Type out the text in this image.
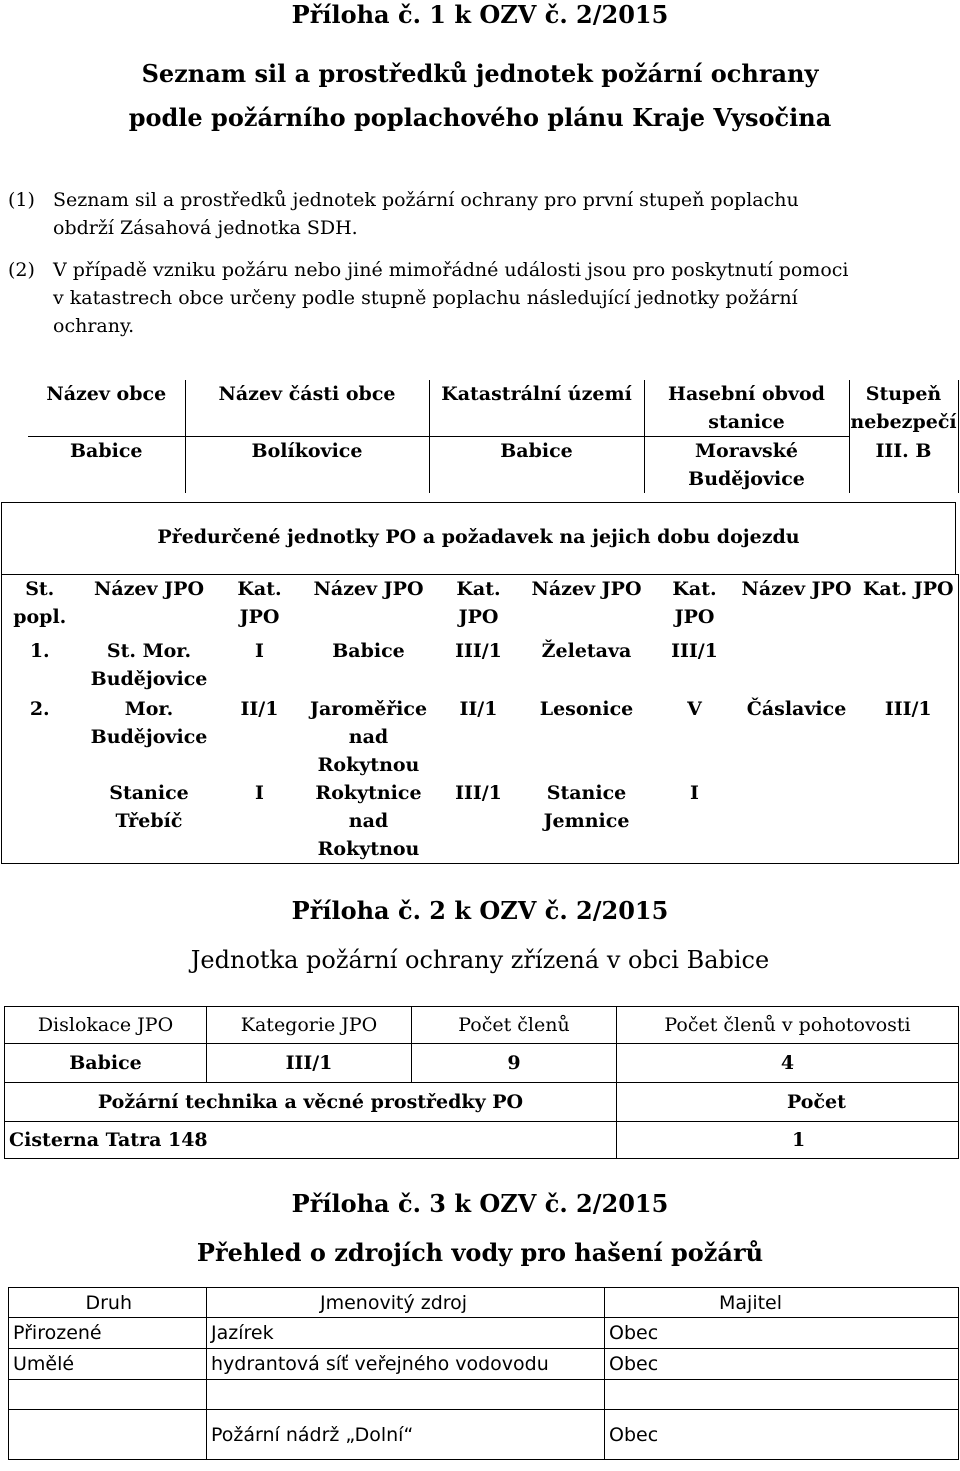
Příloha č. 1 k OZV č. 2/2015
Seznam sil a prostředků jednotek požární ochrany
podle požárního poplachového plánu Kraje Vysočina
(1) Seznam sil a prostředků jednotek požární ochrany pro první stupeň poplachu
obdrží Zásahová jednotka SDH.
(2) V případě vzniku požáru nebo jiné mimořádné události jsou pro poskytnutí pomoci
v katastrech obce určeny podle stupně poplachu následující jednotky požární
ochrany.
Název obce	Název části obce	Katastrální území	Hasební obvod stanice	Stupeň nebezpečí
Babice	Bolíkovice	Babice	Moravské Budějovice	III. B
Předurčené jednotky PO a požadavek na jejich dobu dojezdu
St. popl.	Název JPO	Kat. JPO	Název JPO	Kat. JPO	Název JPO	Kat. JPO	Název JPO	Kat. JPO
1.	St. Mor. Budějovice	I	Babice	III/1	Želetava	III/1		
2.	Mor. Budějovice	II/1	Jaroměřice nad Rokytnou	II/1	Lesonice	V	Čáslavice	III/1
	Stanice Třebíč	I	Rokytnice nad Rokytnou	III/1	Stanice Jemnice	I		
Příloha č. 2 k OZV č. 2/2015
Jednotka požární ochrany zřízená v obci Babice
Dislokace JPO	Kategorie JPO	Počet členů	Počet členů v pohotovosti
Babice	III/1	9	4
Požární technika a věcné prostředky PO			Počet
Cisterna Tatra 148			1
Příloha č. 3 k OZV č. 2/2015
Přehled o zdrojích vody pro hašení požárů
Druh	Jmenovitý zdroj	Majitel
Přirozené	Jazírek	Obec
Umělé	hydrantová síť veřejného vodovodu	Obec

	Požární nádrž „Dolní“	Obec
